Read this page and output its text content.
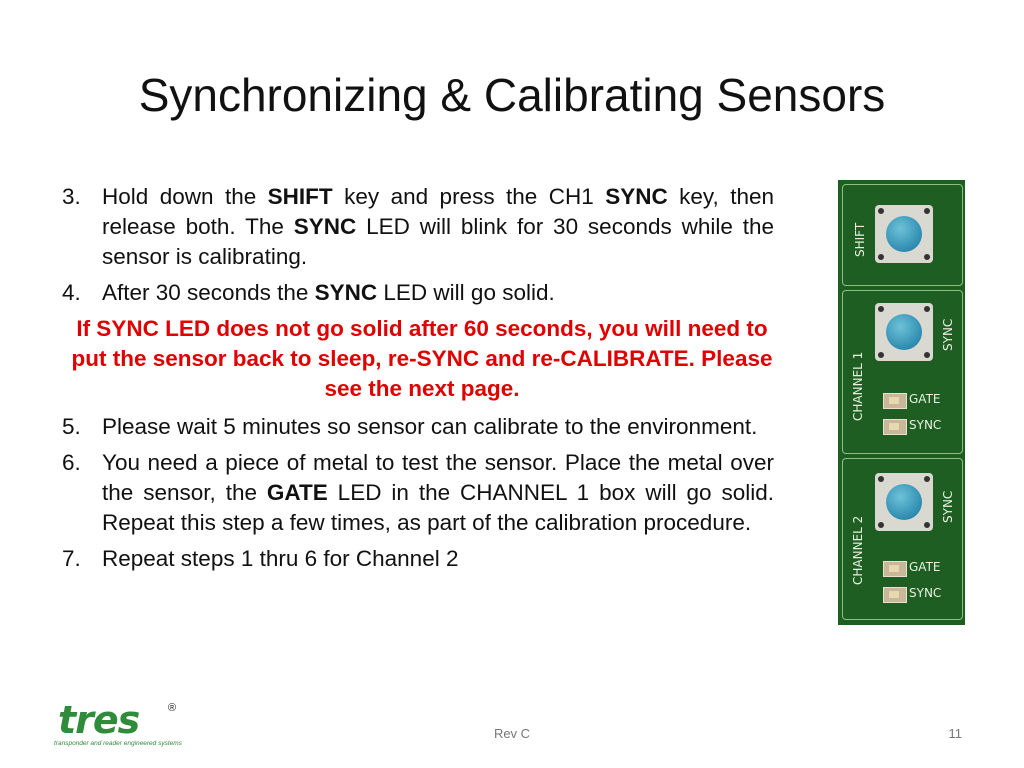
Synchronizing & Calibrating Sensors
3. Hold down the SHIFT key and press the CH1 SYNC key, then release both. The SYNC LED will blink for 30 seconds while the sensor is calibrating.
4. After 30 seconds the SYNC LED will go solid.
If SYNC LED does not go solid after 60 seconds, you will need to put the sensor back to sleep, re-SYNC and re-CALIBRATE. Please see the next page.
5. Please wait 5 minutes so sensor can calibrate to the environment.
6. You need a piece of metal to test the sensor. Place the metal over the sensor, the GATE LED in the CHANNEL 1 box will go solid. Repeat this step a few times, as part of the calibration procedure.
7. Repeat steps 1 thru 6 for Channel 2
SHIFT
CHANNEL 1
SYNC
GATE
SYNC
CHANNEL 2
SYNC
GATE
SYNC
tres	®
transponder and reader engineered systems
Rev C	11
